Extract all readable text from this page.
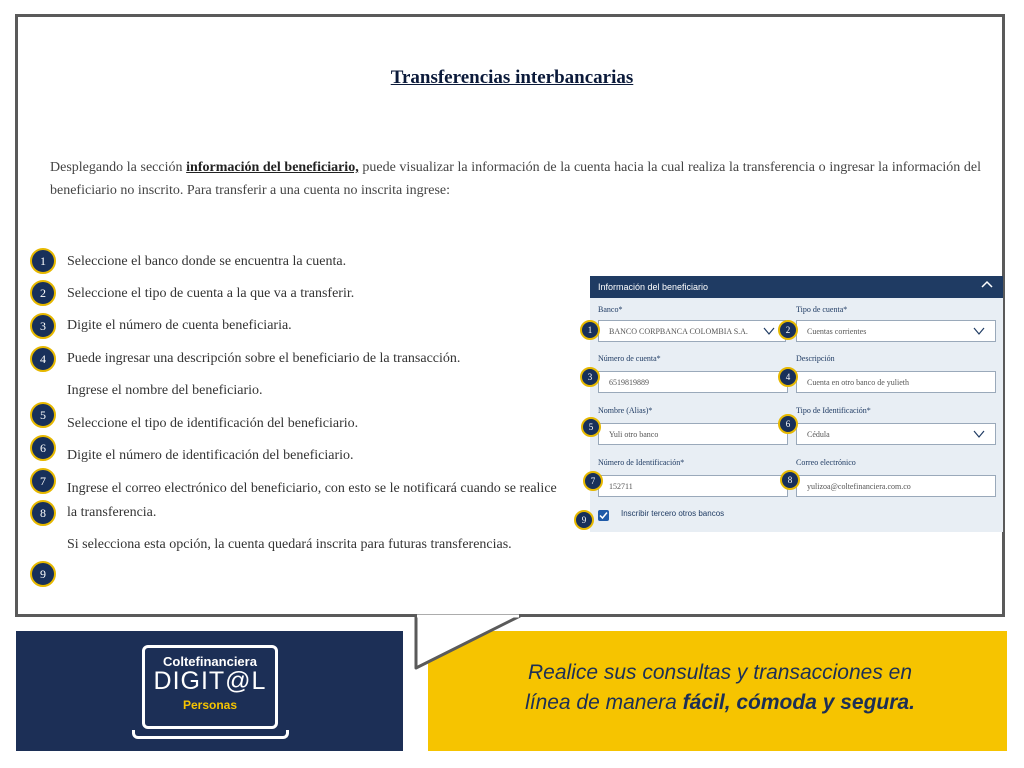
Transferencias interbancarias
Desplegando la sección información del beneficiario, puede visualizar la información de la cuenta hacia la cual realiza la transferencia o ingresar la información del beneficiario no inscrito. Para transferir a una cuenta no inscrita ingrese:
Seleccione el banco donde se encuentra la cuenta.
Seleccione el tipo de cuenta a la que va a transferir.
Digite el número de cuenta beneficiaria.
Puede ingresar una descripción sobre el beneficiario de la transacción.
Ingrese el nombre del beneficiario.
Seleccione el tipo de identificación del beneficiario.
Digite el número de identificación del beneficiario.
Ingrese el correo electrónico del beneficiario, con esto se le notificará cuando se realice
la transferencia.
Si selecciona esta opción, la cuenta quedará inscrita para futuras transferencias.
1
2
3
4
5
6
7
8
9
Información del beneficiario
Banco*
BANCO CORPBANCA COLOMBIA S.A.
Tipo de cuenta*
Cuentas corrientes
Número de cuenta*
6519819889
Descripción
Cuenta en otro banco de yulieth
Nombre (Alias)*
Yuli otro banco
Tipo de Identificación*
Cédula
Número de Identificación*
152711
Correo electrónico
yulizoa@coltefinanciera.com.co
Inscribir tercero otros bancos
1	2
3	4
5	6
7	8
9
Coltefinanciera
DIGIT@L
Personas
Realice sus consultas y transacciones en
línea de manera fácil, cómoda y segura.
